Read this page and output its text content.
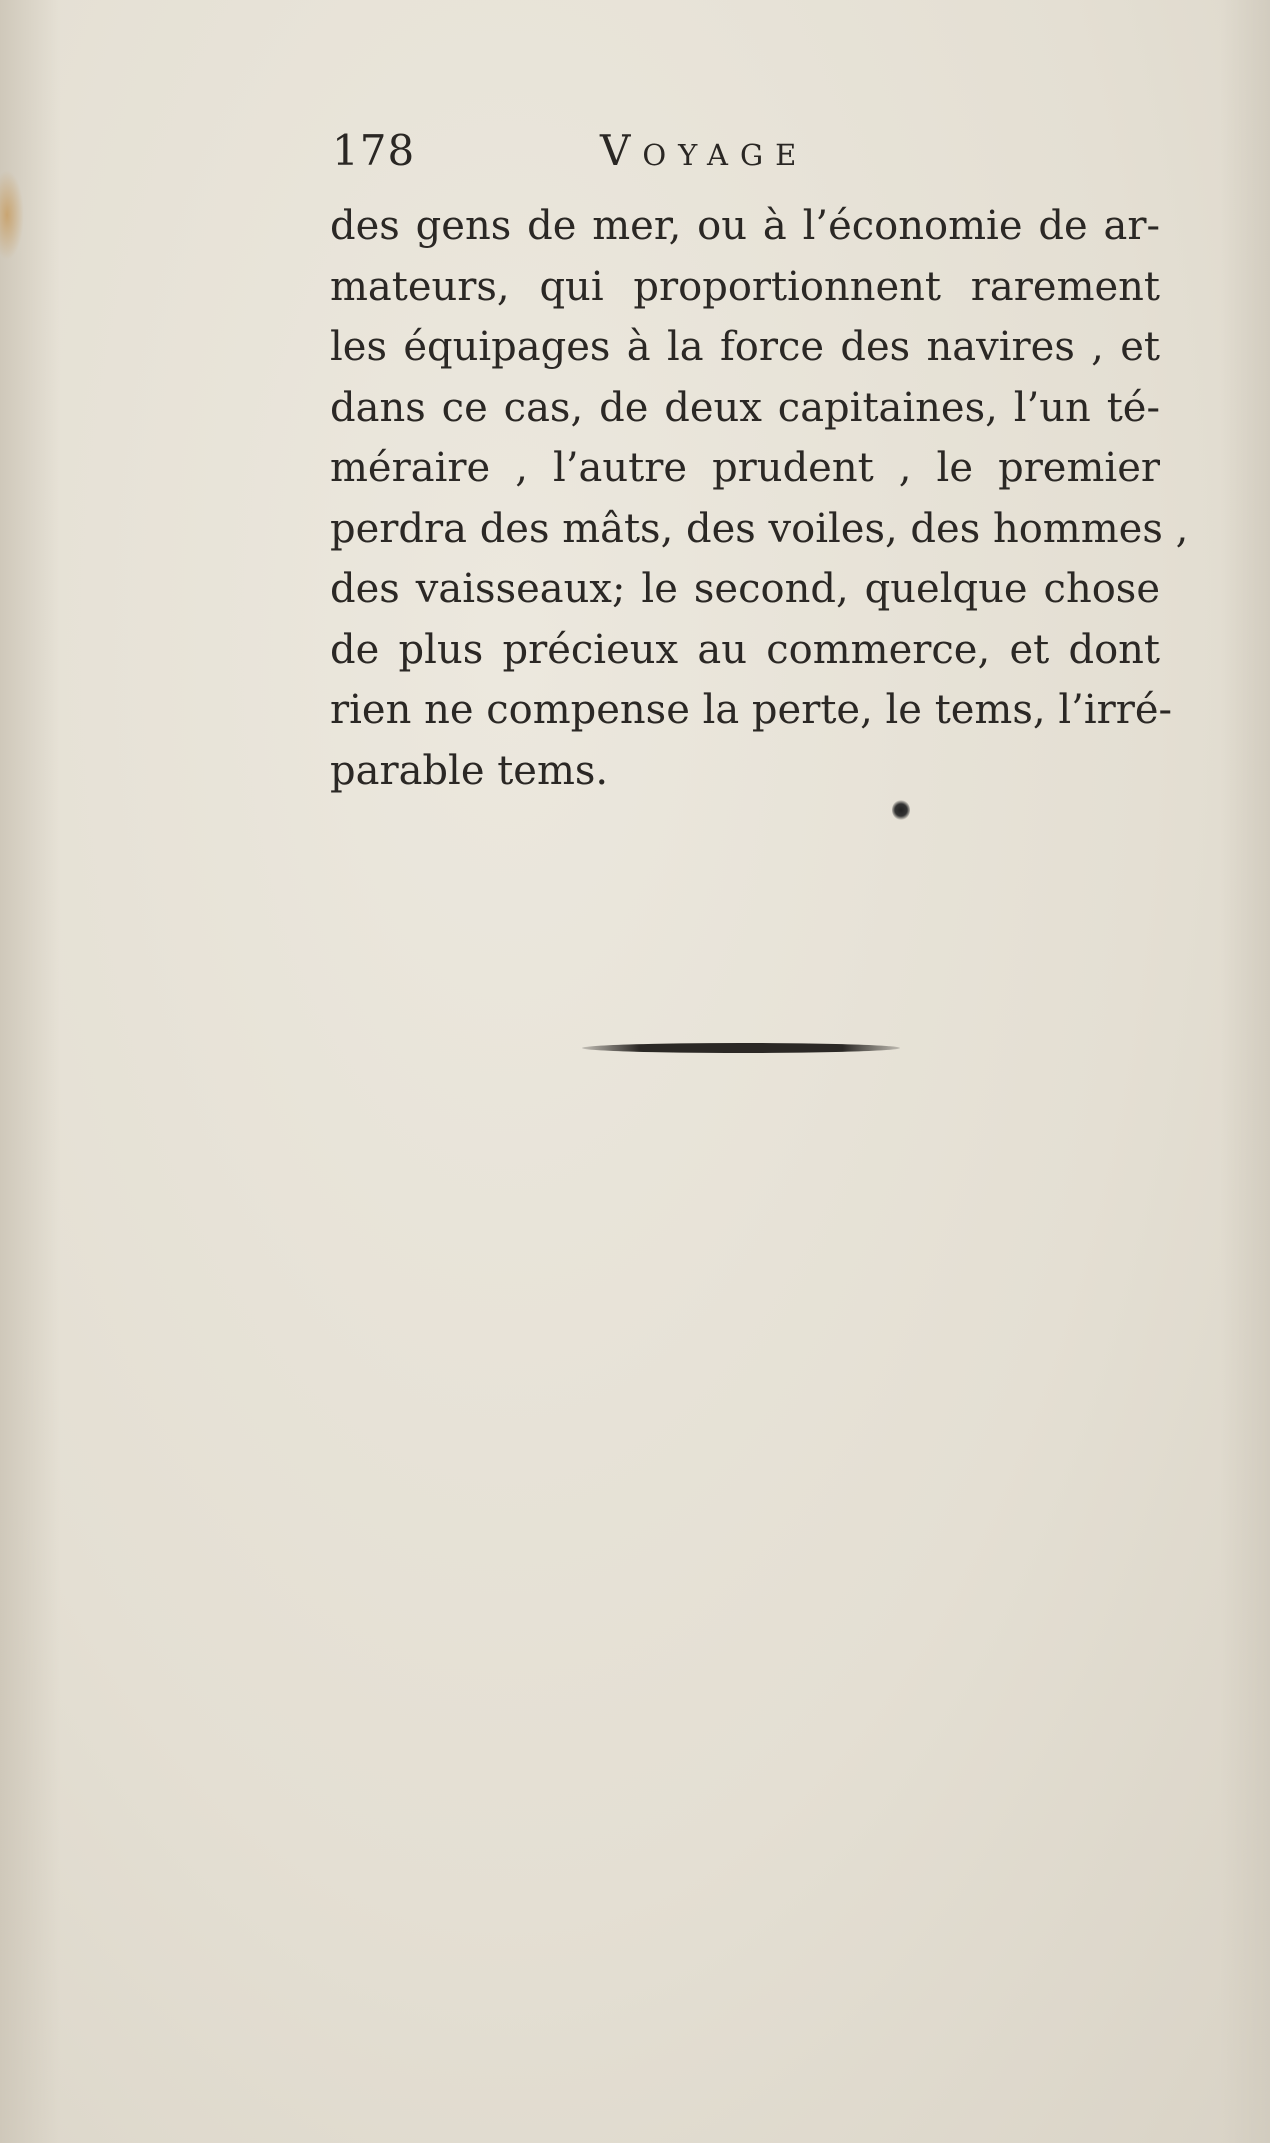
178	Voyage
des gens de mer, ou à l’économie de ar-
mateurs, qui proportionnent rarement
les équipages à la force des navires , et
dans ce cas, de deux capitaines, l’un té-
méraire , l’autre prudent , le premier
perdra des mâts, des voiles, des hommes ,
des vaisseaux; le second, quelque chose
de plus précieux au commerce, et dont
rien ne compense la perte, le tems, l’irré-
parable tems.
